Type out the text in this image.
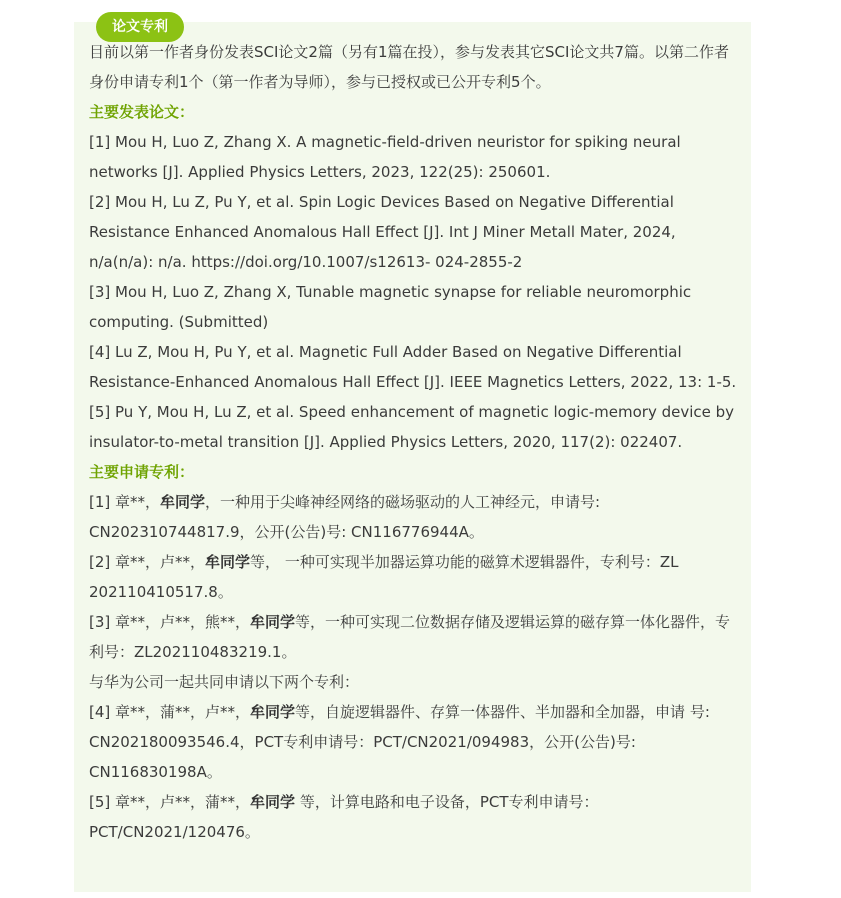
论文专利

目前以第一作者身份发表SCI论文2篇（另有1篇在投），参与发表其它SCI论文共7篇。以第二作者 身份申请专利1个（第一作者为导师），参与已授权或已公开专利5个。

主要发表论文：

[1] Mou H, Luo Z, Zhang X. A magnetic-field-driven neuristor for spiking neural networks [J]. Applied Physics Letters, 2023, 122(25): 250601.

[2] Mou H, Lu Z, Pu Y, et al. Spin Logic Devices Based on Negative Differential Resistance Enhanced Anomalous Hall Effect [J]. Int J Miner Metall Mater, 2024, n/a(n/a): n/a. https://doi.org/10.1007/s12613- 024-2855-2

[3] Mou H, Luo Z, Zhang X, Tunable magnetic synapse for reliable neuromorphic computing. (Submitted)

[4] Lu Z, Mou H, Pu Y, et al. Magnetic Full Adder Based on Negative Differential Resistance-Enhanced Anomalous Hall Effect [J]. IEEE Magnetics Letters, 2022, 13: 1-5.

[5] Pu Y, Mou H, Lu Z, et al. Speed enhancement of magnetic logic-memory device by insulator-to-metal transition [J]. Applied Physics Letters, 2020, 117(2): 022407.

主要申请专利：

[1] 章**，牟同学，一种用于尖峰神经网络的磁场驱动的人工神经元，申请号: CN202310744817.9，公开(公告)号: CN116776944A。

[2] 章**，卢**，牟同学等， 一种可实现半加器运算功能的磁算术逻辑器件，专利号：ZL 202110410517.8。

[3] 章**，卢**，熊**，牟同学等，一种可实现二位数据存储及逻辑运算的磁存算一体化器件，专利号：ZL202110483219.1。

与华为公司一起共同申请以下两个专利：

[4] 章**，蒲**，卢**，牟同学等，自旋逻辑器件、存算一体器件、半加器和全加器，申请 号: CN202180093546.4，PCT专利申请号：PCT/CN2021/094983，公开(公告)号: CN116830198A。

[5] 章**，卢**，蒲**，牟同学 等，计算电路和电子设备，PCT专利申请号： PCT/CN2021/120476。
